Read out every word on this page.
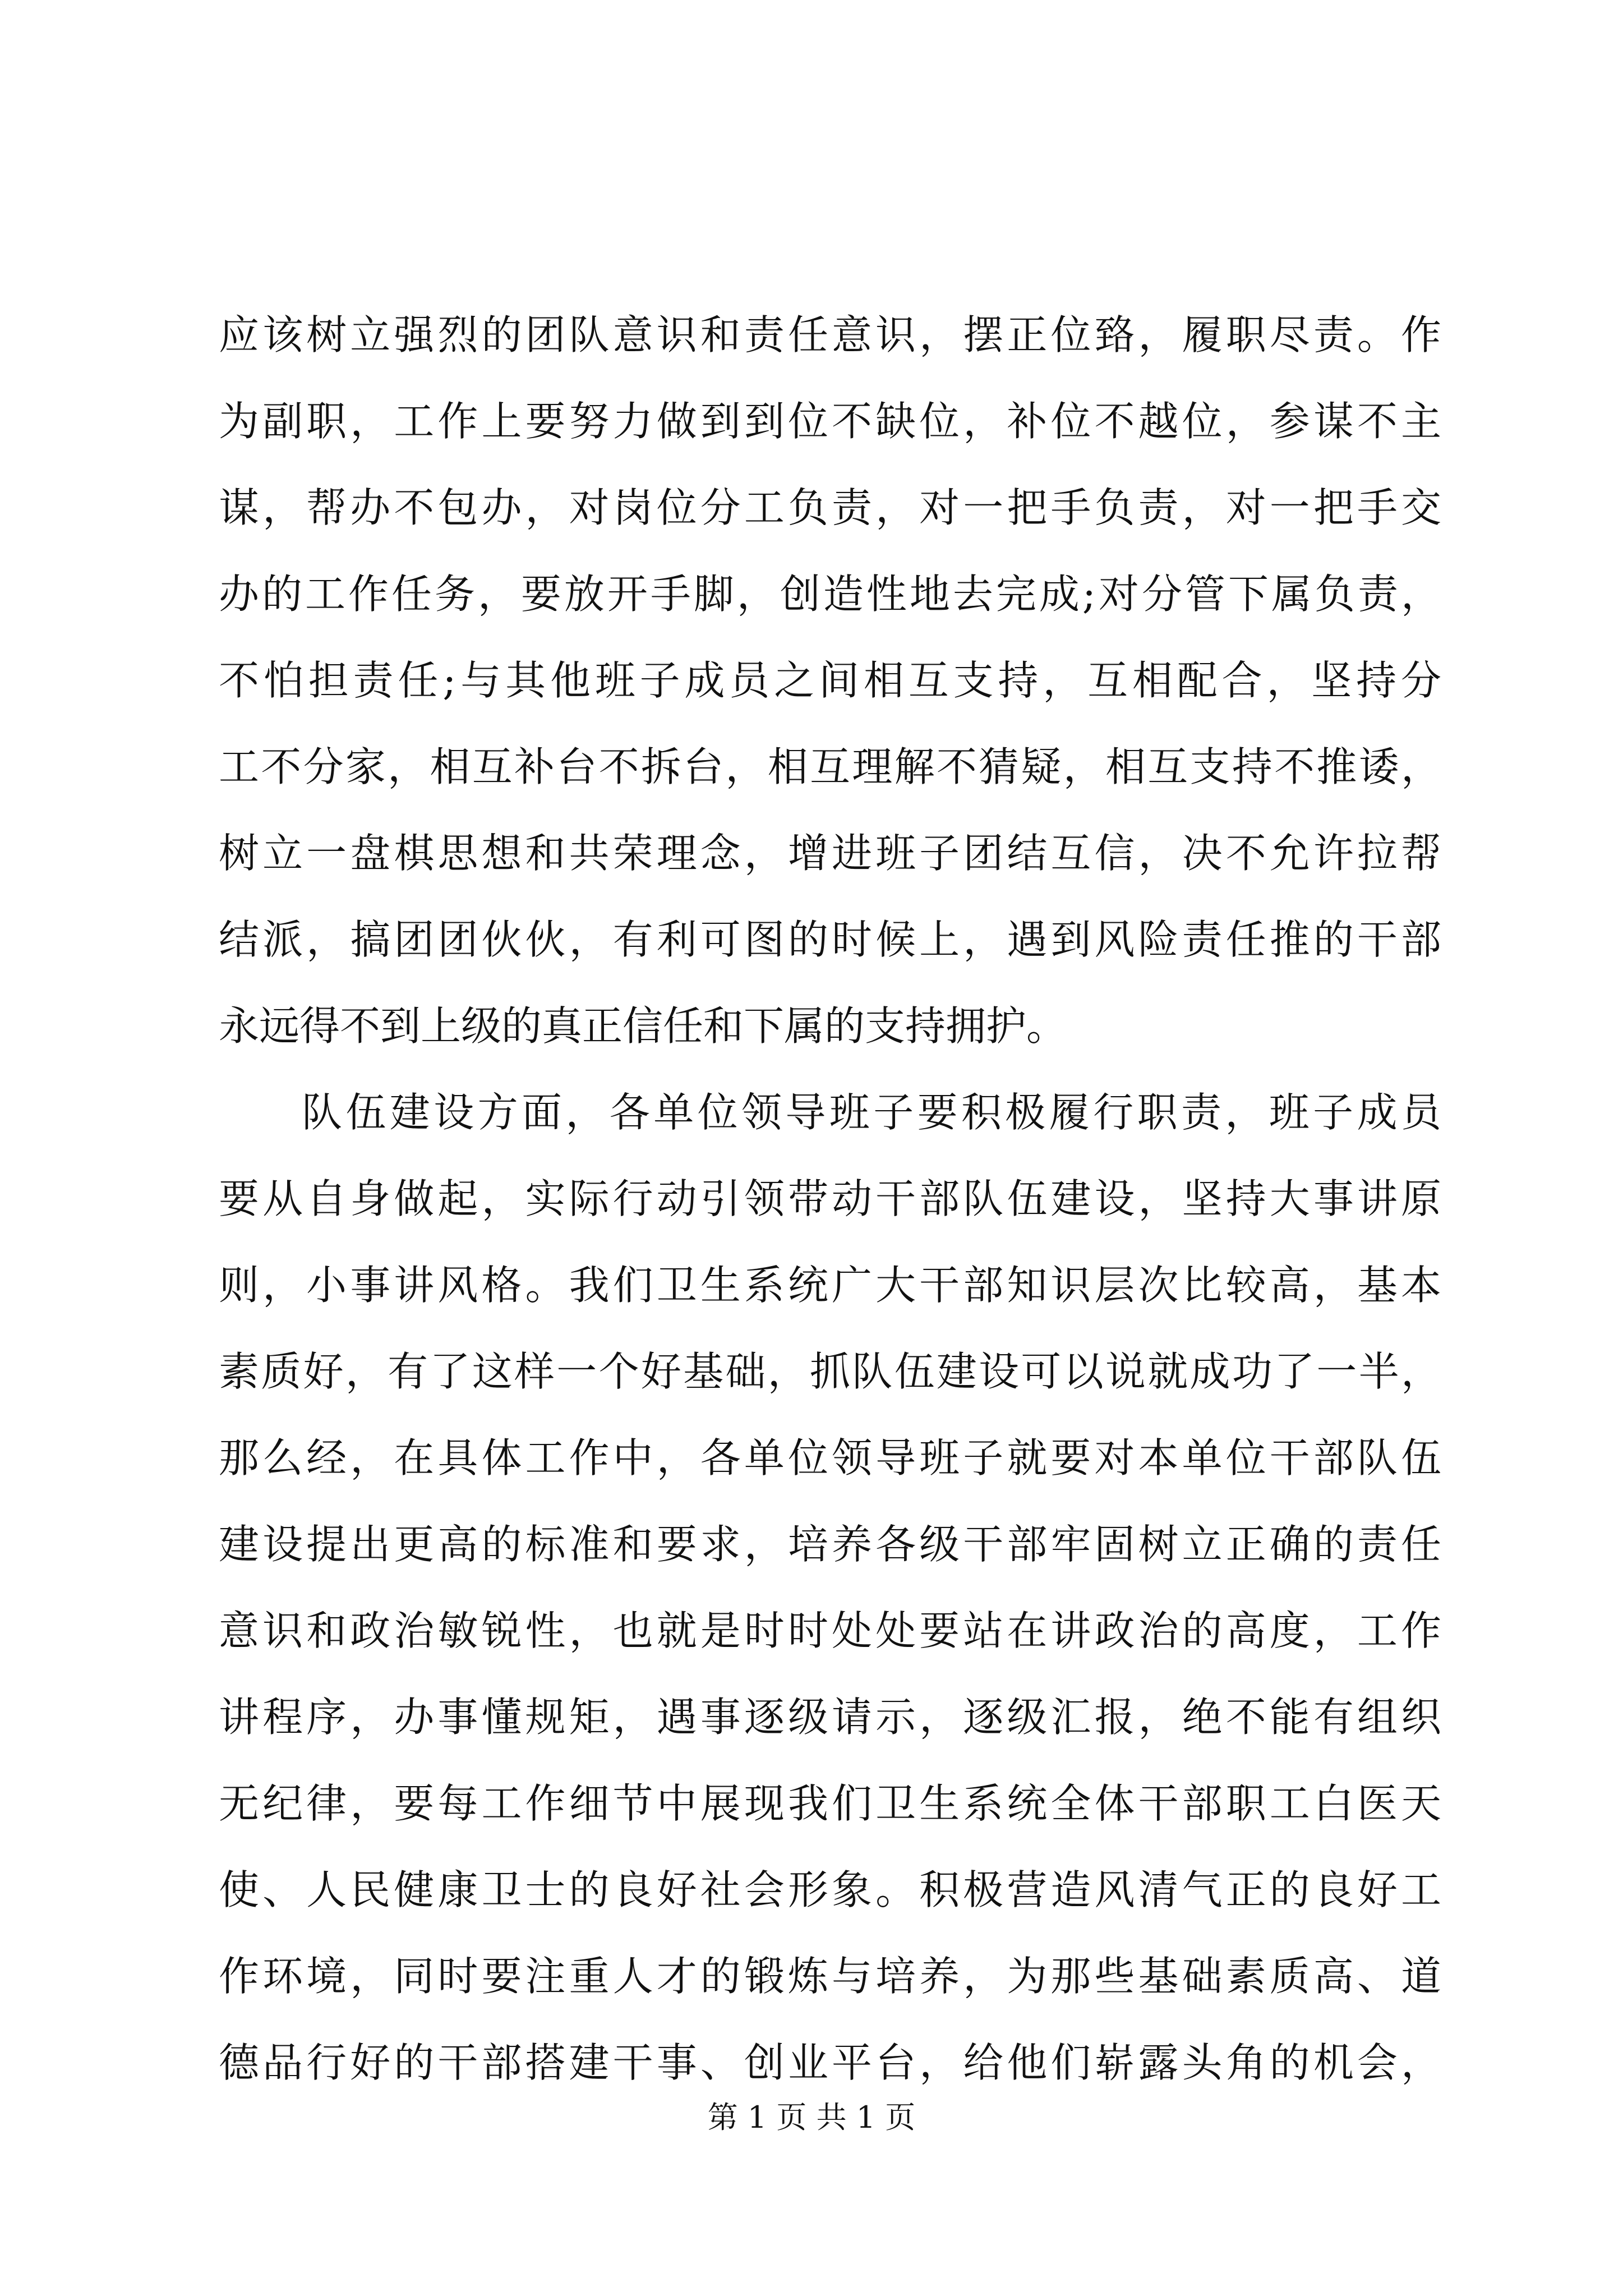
应该树立强烈的团队意识和责任意识，摆正位臵，履职尽责。作
为副职，工作上要努力做到到位不缺位，补位不越位，参谋不主
谋，帮办不包办，对岗位分工负责，对一把手负责，对一把手交
办的工作任务，要放开手脚，创造性地去完成;对分管下属负责，
不怕担责任;与其他班子成员之间相互支持，互相配合，坚持分
工不分家，相互补台不拆台，相互理解不猜疑，相互支持不推诿，
树立一盘棋思想和共荣理念，增进班子团结互信，决不允许拉帮
结派，搞团团伙伙，有利可图的时候上，遇到风险责任推的干部
永远得不到上级的真正信任和下属的支持拥护。
队伍建设方面，各单位领导班子要积极履行职责，班子成员
要从自身做起，实际行动引领带动干部队伍建设，坚持大事讲原
则，小事讲风格。我们卫生系统广大干部知识层次比较高，基本
素质好，有了这样一个好基础，抓队伍建设可以说就成功了一半，
那么经，在具体工作中，各单位领导班子就要对本单位干部队伍
建设提出更高的标准和要求，培养各级干部牢固树立正确的责任
意识和政治敏锐性，也就是时时处处要站在讲政治的高度，工作
讲程序，办事懂规矩，遇事逐级请示，逐级汇报，绝不能有组织
无纪律，要每工作细节中展现我们卫生系统全体干部职工白医天
使、人民健康卫士的良好社会形象。积极营造风清气正的良好工
作环境，同时要注重人才的锻炼与培养，为那些基础素质高、道
德品行好的干部搭建干事、创业平台，给他们崭露头角的机会，
第 1 页 共 1 页
